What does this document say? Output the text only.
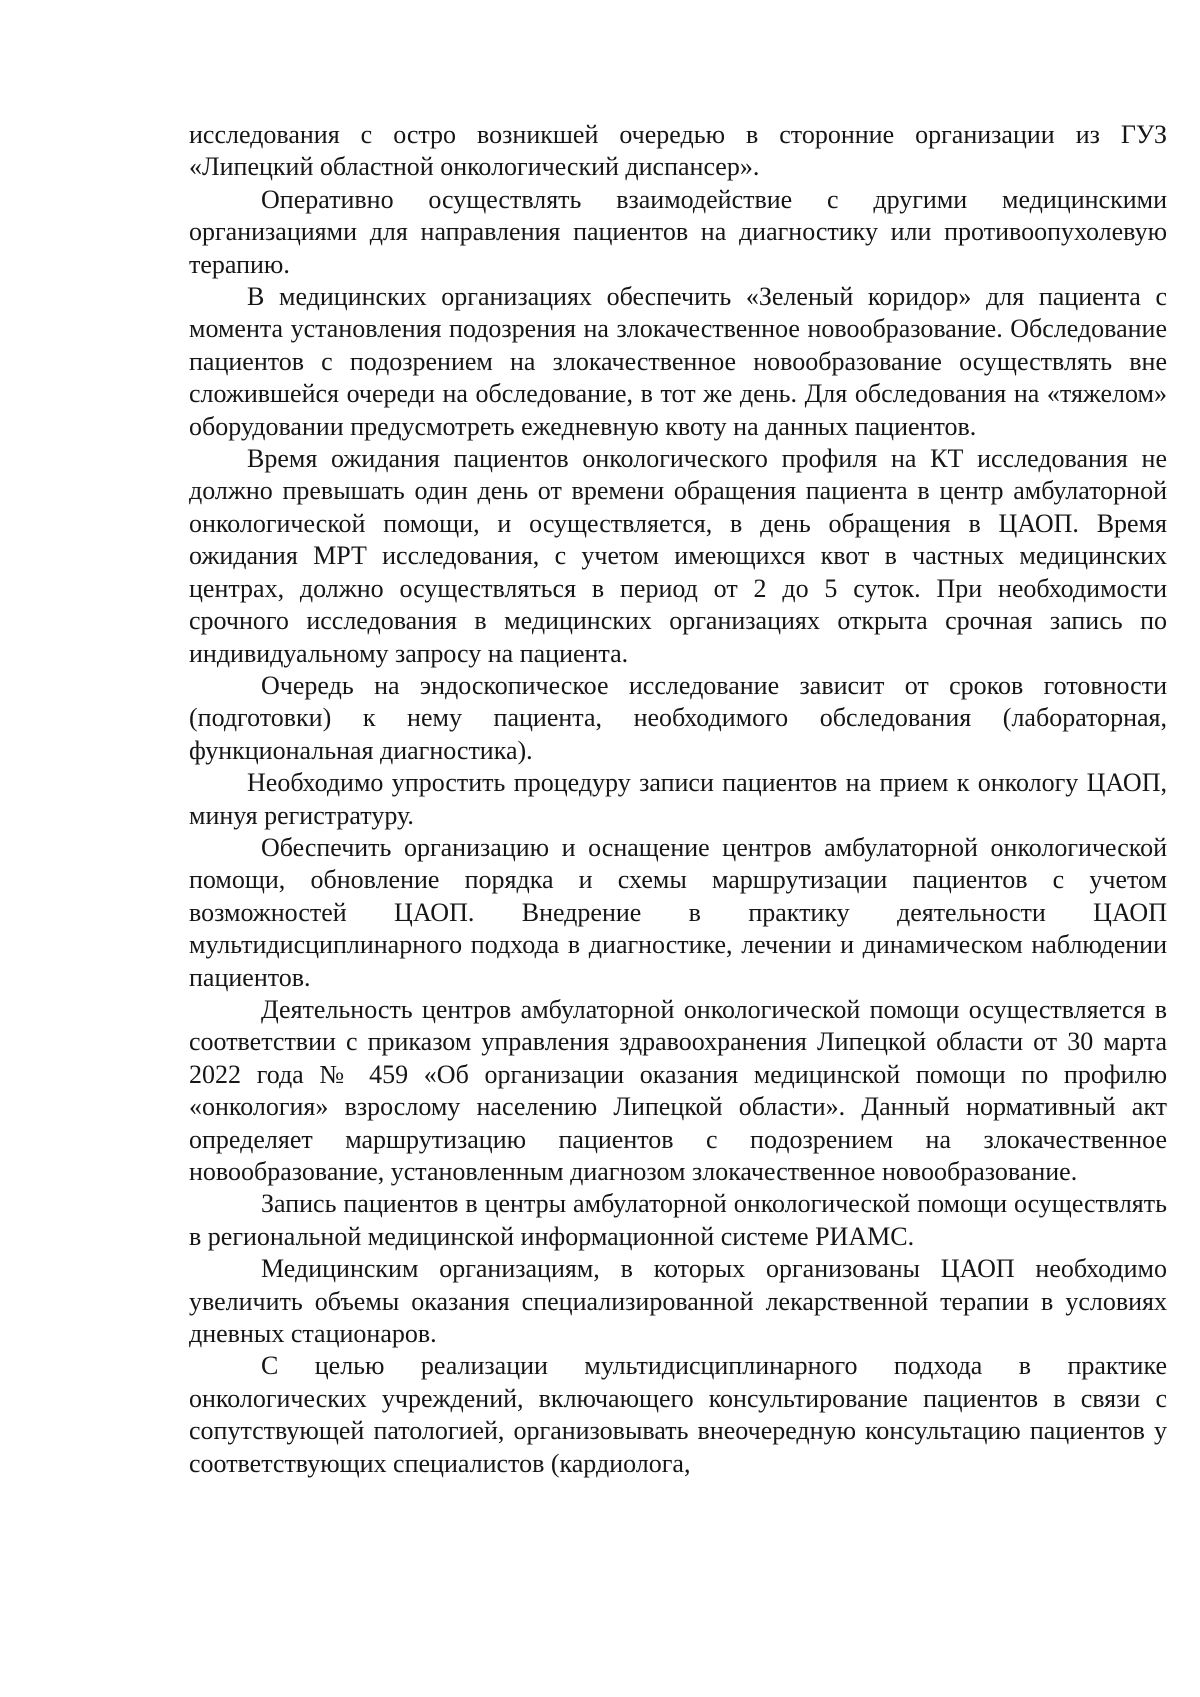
исследования с остро возникшей очередью в сторонние организации из ГУЗ «Липецкий областной онкологический диспансер».

Оперативно осуществлять взаимодействие с другими медицинскими организациями для направления пациентов на диагностику или противоопухолевую терапию.

В медицинских организациях обеспечить «Зеленый коридор» для пациента с момента установления подозрения на злокачественное новообразование. Обследование пациентов с подозрением на злокачественное новообразование осуществлять вне сложившейся очереди на обследование, в тот же день. Для обследования на «тяжелом» оборудовании предусмотреть ежедневную квоту на данных пациентов.

Время ожидания пациентов онкологического профиля на КТ исследования не должно превышать один день от времени обращения пациента в центр амбулаторной онкологической помощи, и осуществляется, в день обращения в ЦАОП. Время ожидания МРТ исследования, с учетом имеющихся квот в частных медицинских центрах, должно осуществляться в период от 2 до 5 суток. При необходимости срочного исследования в медицинских организациях открыта срочная запись по индивидуальному запросу на пациента.

Очередь на эндоскопическое исследование зависит от сроков готовности (подготовки) к нему пациента, необходимого обследования (лабораторная, функциональная диагностика).

Необходимо упростить процедуру записи пациентов на прием к онкологу ЦАОП, минуя регистратуру.

Обеспечить организацию и оснащение центров амбулаторной онкологической помощи, обновление порядка и схемы маршрутизации пациентов с учетом возможностей ЦАОП. Внедрение в практику деятельности ЦАОП мультидисциплинарного подхода в диагностике, лечении и динамическом наблюдении пациентов.

Деятельность центров амбулаторной онкологической помощи осуществляется в соответствии с приказом управления здравоохранения Липецкой области от 30 марта 2022 года № 459 «Об организации оказания медицинской помощи по профилю «онкология» взрослому населению Липецкой области». Данный нормативный акт определяет маршрутизацию пациентов с подозрением на злокачественное новообразование, установленным диагнозом злокачественное новообразование.

Запись пациентов в центры амбулаторной онкологической помощи осуществлять в региональной медицинской информационной системе РИАМС.

Медицинским организациям, в которых организованы ЦАОП необходимо увеличить объемы оказания специализированной лекарственной терапии в условиях дневных стационаров.

С целью реализации мультидисциплинарного подхода в практике онкологических учреждений, включающего консультирование пациентов в связи с сопутствующей патологией, организовывать внеочередную консультацию пациентов у соответствующих специалистов (кардиолога,
